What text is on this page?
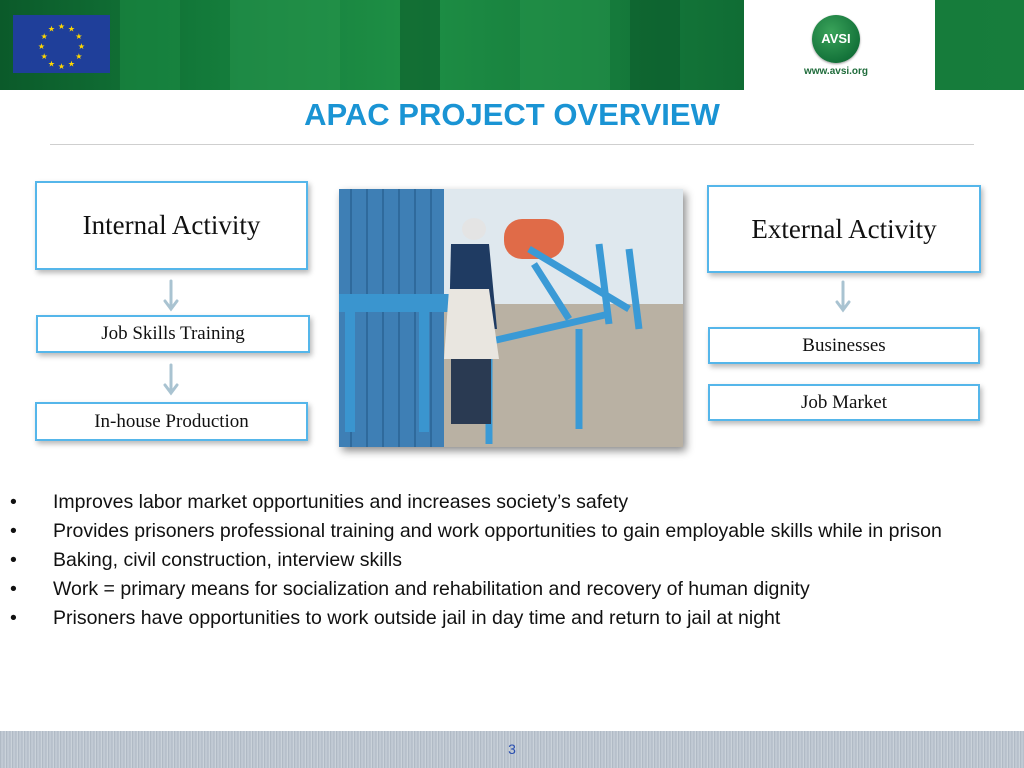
★ ★
★
★
★
★
★
★
★
★
★
★
AVSI
www.avsi.org
APAC PROJECT OVERVIEW
Internal Activity
Job Skills Training
In-house Production
External Activity
Businesses
Job Market
• Improves labor market opportunities and increases society’s safety
• Provides prisoners professional training and work opportunities to gain employable skills while in prison
• Baking, civil construction, interview skills
• Work = primary means for socialization and rehabilitation and recovery of human dignity
• Prisoners have opportunities to work outside jail in day time and return to jail at night
3
